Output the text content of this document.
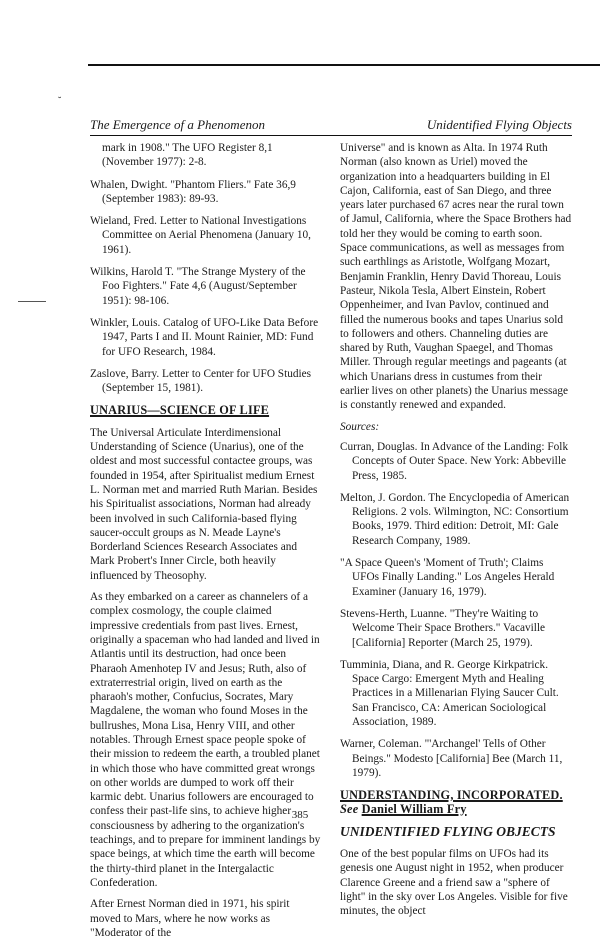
˘
The Emergence of a Phenomenon	Unidentified Flying Objects

mark in 1908." The UFO Register 8,1 (November 1977): 2-8.

Whalen, Dwight. "Phantom Fliers." Fate 36,9 (September 1983): 89-93.

Wieland, Fred. Letter to National Investigations Committee on Aerial Phenomena (January 10, 1961).

Wilkins, Harold T. "The Strange Mystery of the Foo Fighters." Fate 4,6 (August/September 1951): 98-106.

Winkler, Louis. Catalog of UFO-Like Data Before 1947, Parts I and II. Mount Rainier, MD: Fund for UFO Research, 1984.

Zaslove, Barry. Letter to Center for UFO Studies (September 15, 1981).

UNARIUS—SCIENCE OF LIFE

The Universal Articulate Interdimensional Understanding of Science (Unarius), one of the oldest and most successful contactee groups, was founded in 1954, after Spiritualist medium Ernest L. Norman met and married Ruth Marian. Besides his Spiritualist associations, Norman had already been involved in such California-based flying saucer-occult groups as N. Meade Layne's Borderland Sciences Research Associates and Mark Probert's Inner Circle, both heavily influenced by Theosophy.

As they embarked on a career as channelers of a complex cosmology, the couple claimed impressive credentials from past lives. Ernest, originally a spaceman who had landed and lived in Atlantis until its destruction, had once been Pharaoh Amenhotep IV and Jesus; Ruth, also of extraterrestrial origin, lived on earth as the pharaoh's mother, Confucius, Socrates, Mary Magdalene, the woman who found Moses in the bullrushes, Mona Lisa, Henry VIII, and other notables. Through Ernest space people spoke of their mission to redeem the earth, a troubled planet in which those who have committed great wrongs on other worlds are dumped to work off their karmic debt. Unarius followers are encouraged to confess their past-life sins, to achieve higher consciousness by adhering to the organization's teachings, and to prepare for imminent landings by space beings, at which time the earth will become the thirty-third planet in the Intergalactic Confederation.

After Ernest Norman died in 1971, his spirit moved to Mars, where he now works as "Moderator of the

Universe" and is known as Alta. In 1974 Ruth Norman (also known as Uriel) moved the organization into a headquarters building in El Cajon, California, east of San Diego, and three years later purchased 67 acres near the rural town of Jamul, California, where the Space Brothers had told her they would be coming to earth soon. Space communications, as well as messages from such earthlings as Aristotle, Wolfgang Mozart, Benjamin Franklin, Henry David Thoreau, Louis Pasteur, Nikola Tesla, Albert Einstein, Robert Oppenheimer, and Ivan Pavlov, continued and filled the numerous books and tapes Unarius sold to followers and others. Channeling duties are shared by Ruth, Vaughan Spaegel, and Thomas Miller. Through regular meetings and pageants (at which Unarians dress in custumes from their earlier lives on other planets) the Unarius message is constantly renewed and expanded.

Sources:

Curran, Douglas. In Advance of the Landing: Folk Concepts of Outer Space. New York: Abbeville Press, 1985.

Melton, J. Gordon. The Encyclopedia of American Religions. 2 vols. Wilmington, NC: Consortium Books, 1979. Third edition: Detroit, MI: Gale Research Company, 1989.

"A Space Queen's 'Moment of Truth'; Claims UFOs Finally Landing." Los Angeles Herald Examiner (January 16, 1979).

Stevens-Herth, Luanne. "They're Waiting to Welcome Their Space Brothers." Vacaville [California] Reporter (March 25, 1979).

Tumminia, Diana, and R. George Kirkpatrick. Space Cargo: Emergent Myth and Healing Practices in a Millenarian Flying Saucer Cult. San Francisco, CA: American Sociological Association, 1989.

Warner, Coleman. "'Archangel' Tells of Other Beings." Modesto [California] Bee (March 11, 1979).

UNDERSTANDING, INCORPORATED. See Daniel William Fry

UNIDENTIFIED FLYING OBJECTS

One of the best popular films on UFOs had its genesis one August night in 1952, when producer Clarence Greene and a friend saw a "sphere of light" in the sky over Los Angeles. Visible for five minutes, the object

385
